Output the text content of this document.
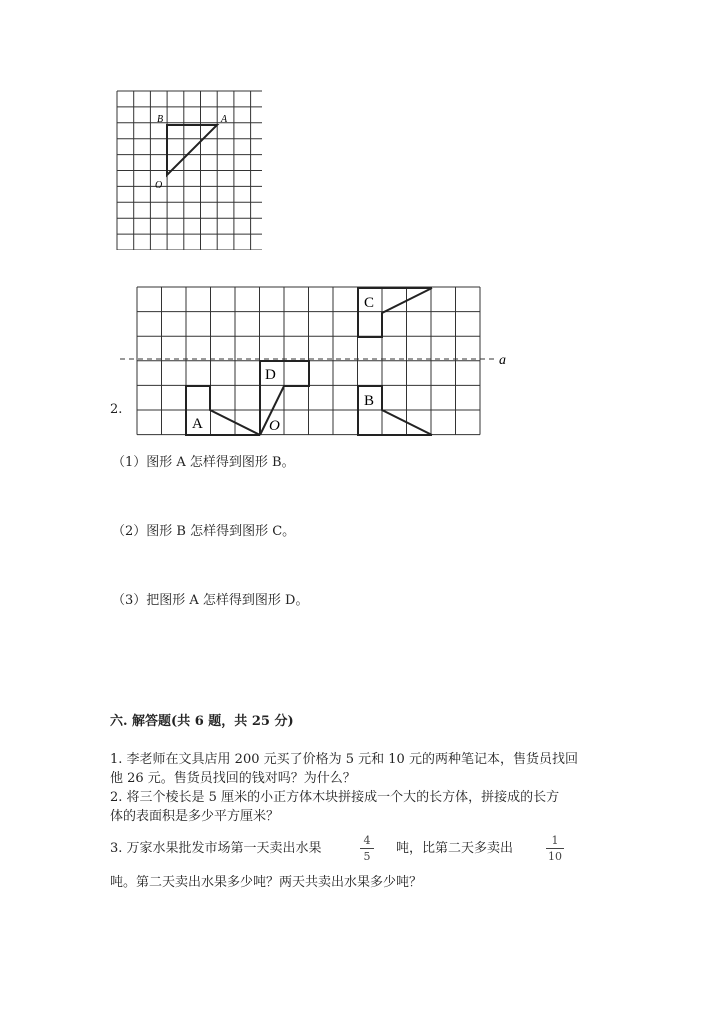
B	A
O
2.
A
B
C
D
O
a
（1）图形 A 怎样得到图形 B。
（2）图形 B 怎样得到图形 C。
（3）把图形 A 怎样得到图形 D。
六. 解答题(共 6 题，共 25 分)
1. 李老师在文具店用 200 元买了价格为 5 元和 10 元的两种笔记本，售货员找回
他 26 元。售货员找回的钱对吗？为什么？
2. 将三个棱长是 5 厘米的小正方体木块拼接成一个大的长方体，拼接成的长方
体的表面积是多少平方厘米？
3. 万家水果批发市场第一天卖出水果
4
5
吨，比第二天多卖出
1
10
吨。第二天卖出水果多少吨？两天共卖出水果多少吨？
